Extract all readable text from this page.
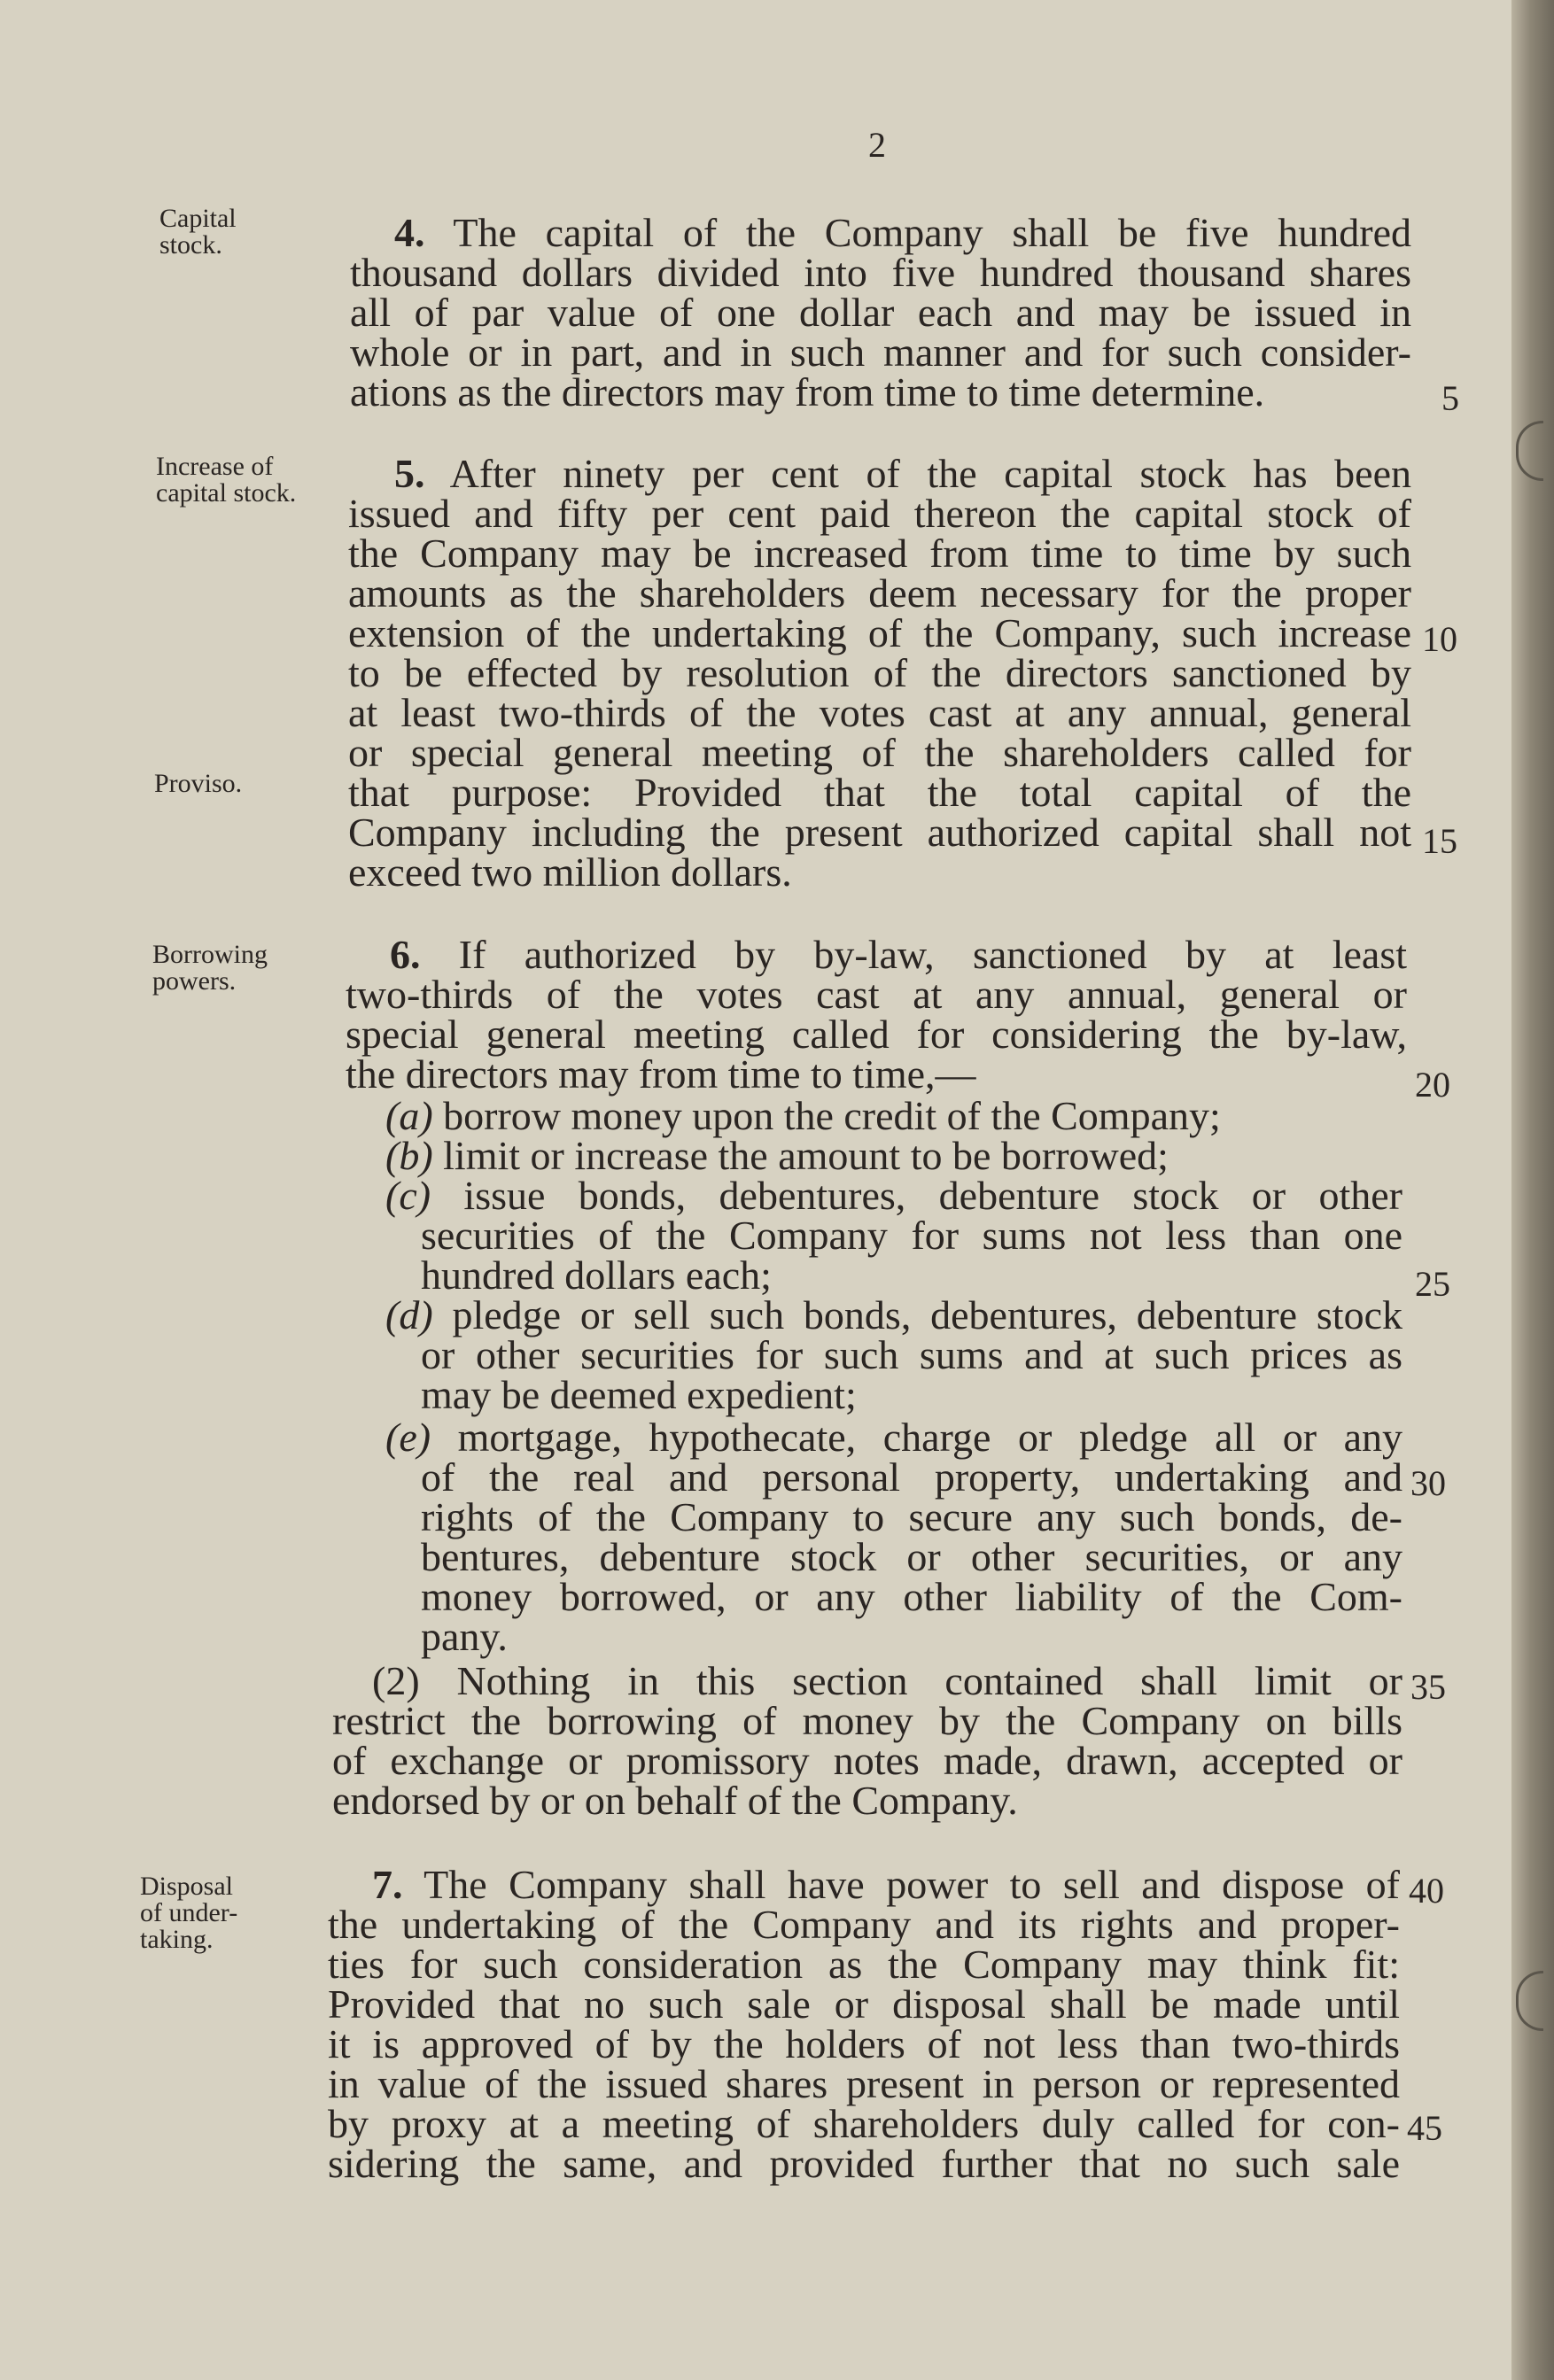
2
Capital
stock.
Increase of
capital stock.
Proviso.
Borrowing
powers.
Disposal
of under-
taking.
4. The capital of the Company shall be five hundred
thousand dollars divided into five hundred thousand shares
all of par value of one dollar each and may be issued in
whole or in part, and in such manner and for such consider-
ations as the directors may from time to time determine.
5. After ninety per cent of the capital stock has been
issued and fifty per cent paid thereon the capital stock of
the Company may be increased from time to time by such
amounts as the shareholders deem necessary for the proper
extension of the undertaking of the Company, such increase
to be effected by resolution of the directors sanctioned by
at least two-thirds of the votes cast at any annual, general
or special general meeting of the shareholders called for
that purpose: Provided that the total capital of the
Company including the present authorized capital shall not
exceed two million dollars.
6. If authorized by by-law, sanctioned by at least
two-thirds of the votes cast at any annual, general or
special general meeting called for considering the by-law,
the directors may from time to time,—
(a) borrow money upon the credit of the Company;
(b) limit or increase the amount to be borrowed;
(c) issue bonds, debentures, debenture stock or other
securities of the Company for sums not less than one
hundred dollars each;
(d) pledge or sell such bonds, debentures, debenture stock
or other securities for such sums and at such prices as
may be deemed expedient;
(e) mortgage, hypothecate, charge or pledge all or any
of the real and personal property, undertaking and
rights of the Company to secure any such bonds, de-
bentures, debenture stock or other securities, or any
money borrowed, or any other liability of the Com-
pany.
(2) Nothing in this section contained shall limit or
restrict the borrowing of money by the Company on bills
of exchange or promissory notes made, drawn, accepted or
endorsed by or on behalf of the Company.
7. The Company shall have power to sell and dispose of
the undertaking of the Company and its rights and proper-
ties for such consideration as the Company may think fit:
Provided that no such sale or disposal shall be made until
it is approved of by the holders of not less than two-thirds
in value of the issued shares present in person or represented
by proxy at a meeting of shareholders duly called for con-
sidering the same, and provided further that no such sale
5
10
15
20
25
30
35
40
45
